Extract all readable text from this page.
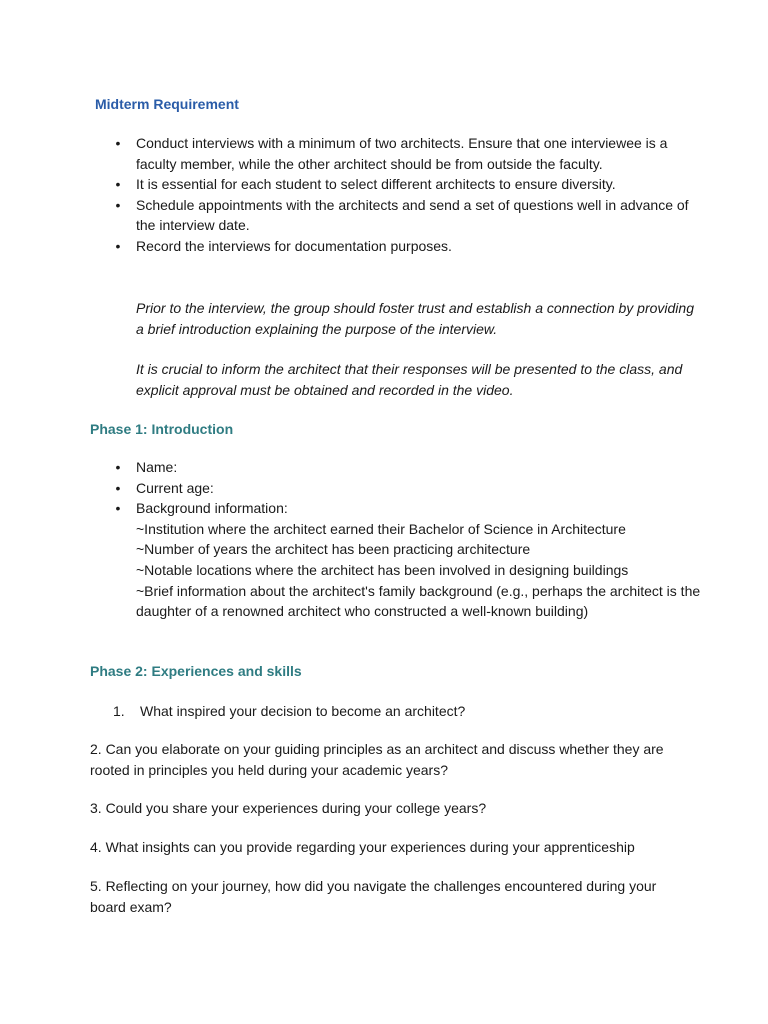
Midterm Requirement
• Conduct interviews with a minimum of two architects. Ensure that one interviewee is a faculty member, while the other architect should be from outside the faculty.
• It is essential for each student to select different architects to ensure diversity.
• Schedule appointments with the architects and send a set of questions well in advance of the interview date.
• Record the interviews for documentation purposes.

Prior to the interview, the group should foster trust and establish a connection by providing a brief introduction explaining the purpose of the interview.

It is crucial to inform the architect that their responses will be presented to the class, and explicit approval must be obtained and recorded in the video.

Phase 1: Introduction
• Name:
• Current age:
• Background information:
~Institution where the architect earned their Bachelor of Science in Architecture
~Number of years the architect has been practicing architecture
~Notable locations where the architect has been involved in designing buildings
~Brief information about the architect's family background (e.g., perhaps the architect is the daughter of a renowned architect who constructed a well-known building)
Phase 2: Experiences and skills

1. What inspired your decision to become an architect?

2. Can you elaborate on your guiding principles as an architect and discuss whether they are rooted in principles you held during your academic years?

3. Could you share your experiences during your college years?

4. What insights can you provide regarding your experiences during your apprenticeship

5. Reflecting on your journey, how did you navigate the challenges encountered during your board exam?
